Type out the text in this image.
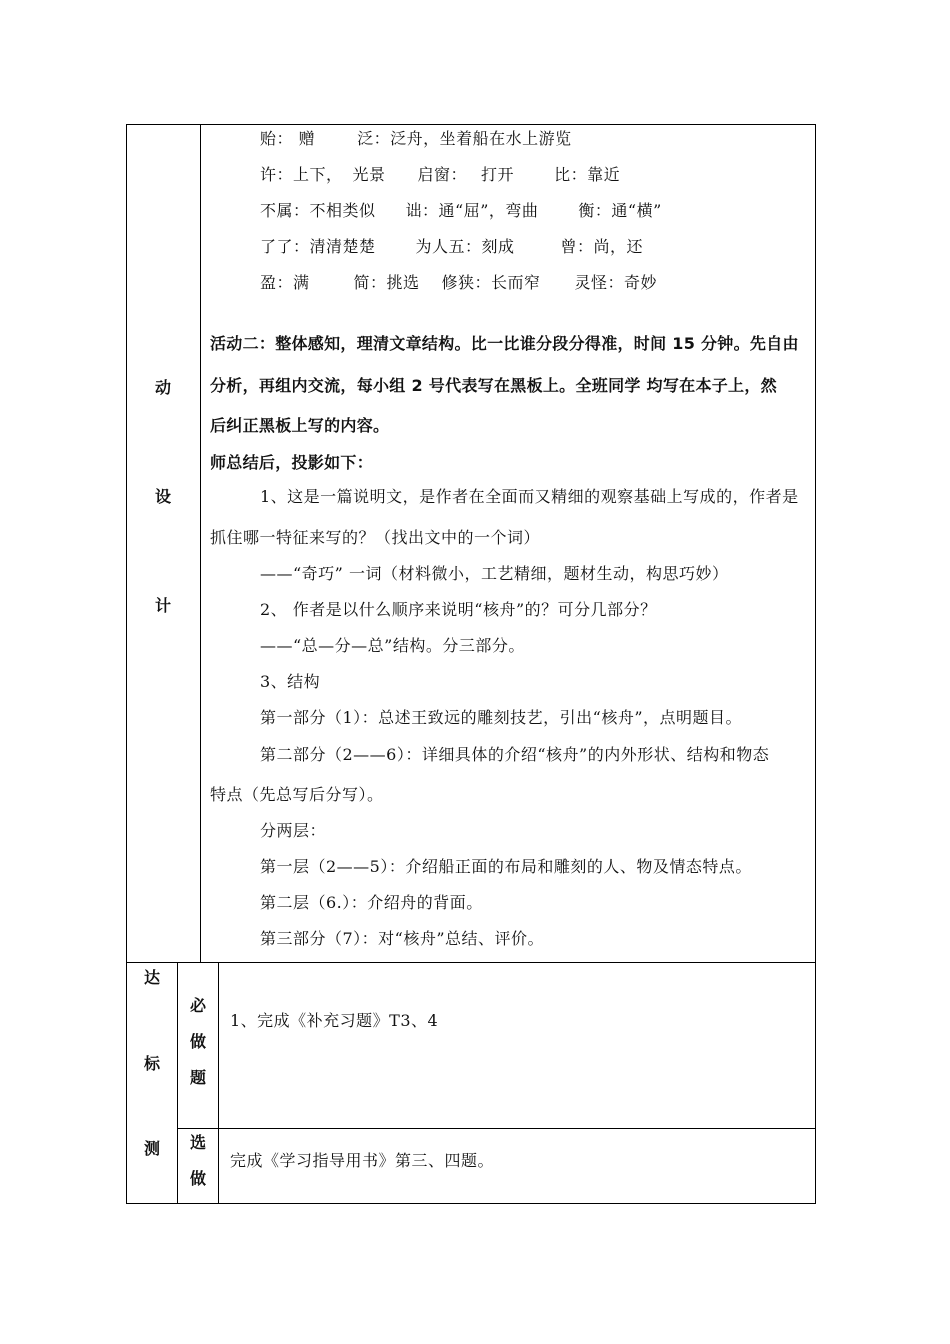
动
设
计
贻： 赠	泛：泛舟，坐着船在水上游览
许：上下， 光景 启窗： 打开	比：靠近
不属：不相类似 诎：通“屈”，弯曲	衡：通“横”
了了：清清楚楚	为人五：刻成	曾：尚，还
盈：满	简：挑选 修狭：长而窄 灵怪：奇妙
活动二：整体感知，理清文章结构。比一比谁分段分得准，时间 15 分钟。先自由
分析，再组内交流，每小组 2 号代表写在黑板上。全班同学 均写在本子上，然
后纠正黑板上写的内容。
师总结后，投影如下：
1、这是一篇说明文，是作者在全面而又精细的观察基础上写成的，作者是
抓住哪一特征来写的？（找出文中的一个词）
——“奇巧” 一词（材料微小，工艺精细，题材生动，构思巧妙）
2、 作者是以什么顺序来说明“核舟”的？可分几部分？
——“总—分—总”结构。分三部分。
3、结构
第一部分（1）：总述王致远的雕刻技艺，引出“核舟”，点明题目。
第二部分（2——6）：详细具体的介绍“核舟”的内外形状、结构和物态
特点（先总写后分写）。
分两层：
第一层（2——5）：介绍船正面的布局和雕刻的人、物及情态特点。
第二层（6.）：介绍舟的背面。
第三部分（7）：对“核舟”总结、评价。
达
标
测
必
做
题
选
做
1、完成《补充习题》T3、4
完成《学习指导用书》第三、四题。
